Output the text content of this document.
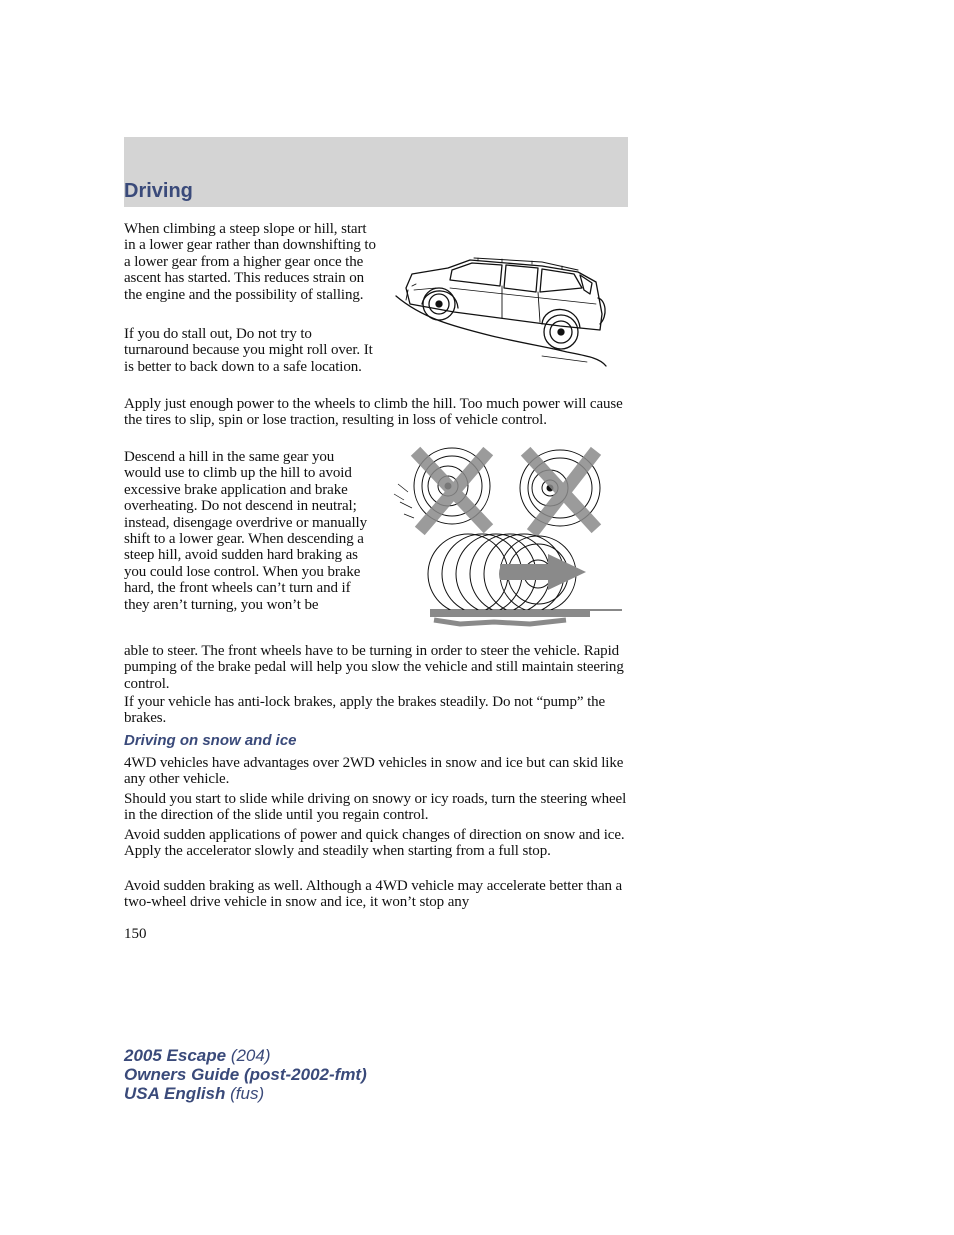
Driving

When climbing a steep slope or hill, start in a lower gear rather than downshifting to a lower gear from a higher gear once the ascent has started. This reduces strain on the engine and the possibility of stalling.

If you do stall out, Do not try to turnaround because you might roll over. It is better to back down to a safe location.

Apply just enough power to the wheels to climb the hill. Too much power will cause the tires to slip, spin or lose traction, resulting in loss of vehicle control.

Descend a hill in the same gear you would use to climb up the hill to avoid excessive brake application and brake overheating. Do not descend in neutral; instead, disengage overdrive or manually shift to a lower gear. When descending a steep hill, avoid sudden hard braking as you could lose control. When you brake hard, the front wheels can’t turn and if they aren’t turning, you won’t be

able to steer. The front wheels have to be turning in order to steer the vehicle. Rapid pumping of the brake pedal will help you slow the vehicle and still maintain steering control.

If your vehicle has anti-lock brakes, apply the brakes steadily. Do not “pump” the brakes.

Driving on snow and ice

4WD vehicles have advantages over 2WD vehicles in snow and ice but can skid like any other vehicle.

Should you start to slide while driving on snowy or icy roads, turn the steering wheel in the direction of the slide until you regain control.

Avoid sudden applications of power and quick changes of direction on snow and ice. Apply the accelerator slowly and steadily when starting from a full stop.

Avoid sudden braking as well. Although a 4WD vehicle may accelerate better than a two-wheel drive vehicle in snow and ice, it won’t stop any

150
2005 Escape (204)
Owners Guide (post-2002-fmt)
USA English (fus)
